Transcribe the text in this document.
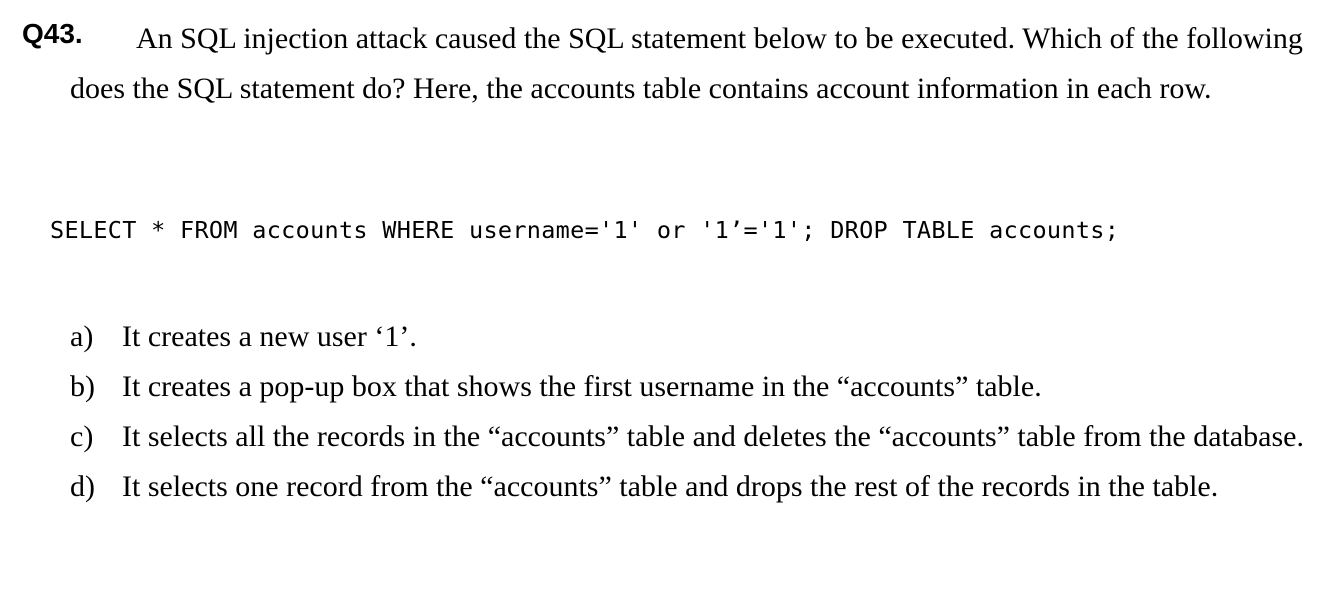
Q43.	An SQL injection attack caused the SQL statement below to be executed. Which of the following does the SQL statement do? Here, the accounts table contains account information in each row.

SELECT * FROM accounts WHERE username='1' or '1’='1'; DROP TABLE accounts;
a) It creates a new user ‘1’.
b) It creates a pop-up box that shows the first username in the “accounts” table.
c) It selects all the records in the “accounts” table and deletes the “accounts” table from the database.
d) It selects one record from the “accounts” table and drops the rest of the records in the table.
